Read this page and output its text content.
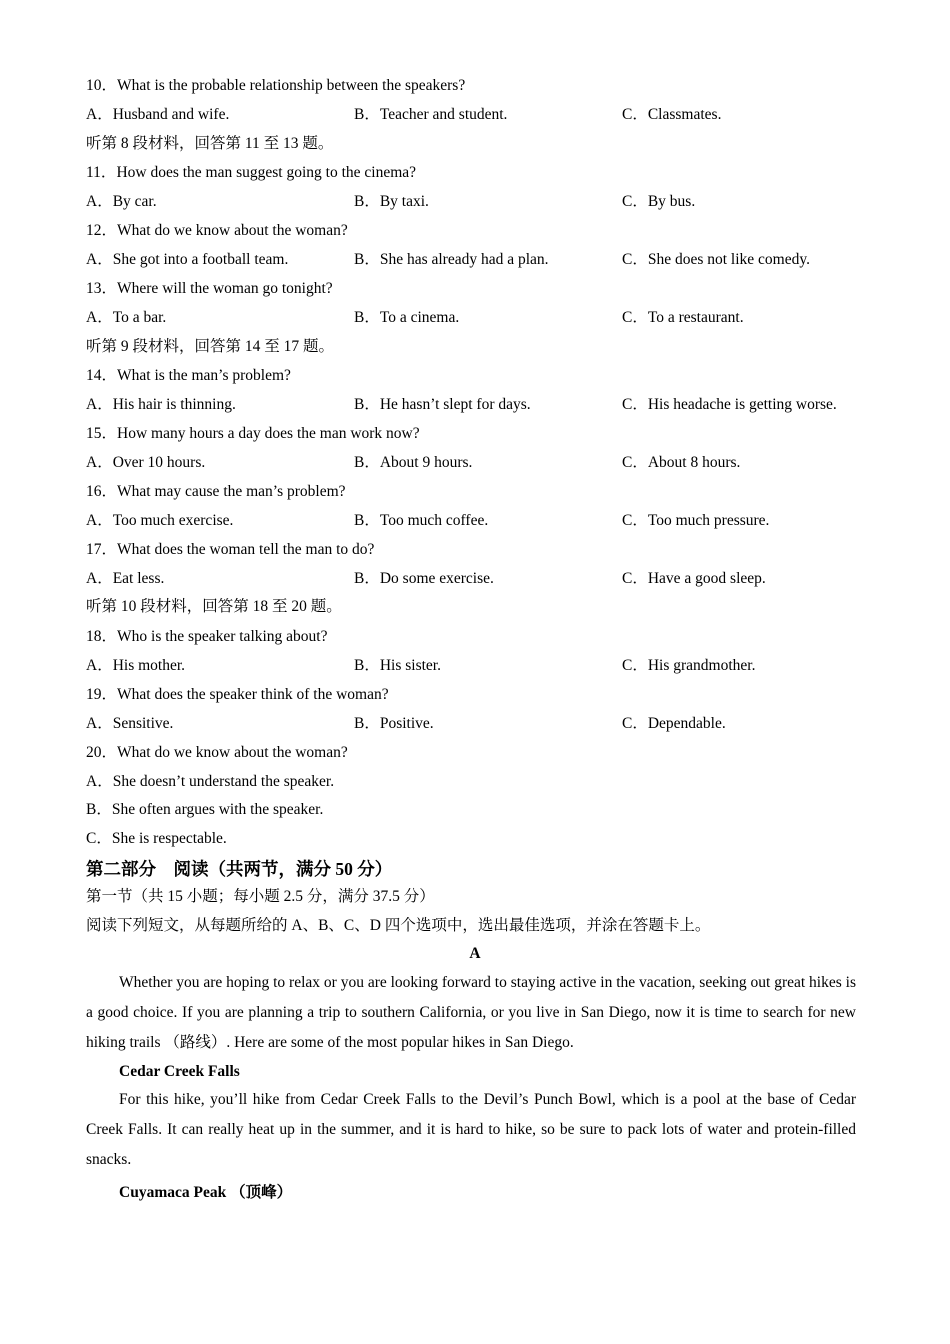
10．What is the probable relationship between the speakers?
A．Husband and wife.	B．Teacher and student.	C．Classmates.
听第 8 段材料，回答第 11 至 13 题。
11．How does the man suggest going to the cinema?
A．By car.	B．By taxi.	C．By bus.
12．What do we know about the woman?
A．She got into a football team.	B．She has already had a plan.	C．She does not like comedy.
13．Where will the woman go tonight?
A．To a bar.	B．To a cinema.	C．To a restaurant.
听第 9 段材料，回答第 14 至 17 题。
14．What is the man’s problem?
A．His hair is thinning.	B．He hasn’t slept for days.	C．His headache is getting worse.
15．How many hours a day does the man work now?
A．Over 10 hours.	B．About 9 hours.	C．About 8 hours.
16．What may cause the man’s problem?
A．Too much exercise.	B．Too much coffee.	C．Too much pressure.
17．What does the woman tell the man to do?
A．Eat less.	B．Do some exercise.	C．Have a good sleep.
听第 10 段材料，回答第 18 至 20 题。
18．Who is the speaker talking about?
A．His mother.	B．His sister.	C．His grandmother.
19．What does the speaker think of the woman?
A．Sensitive.	B．Positive.	C．Dependable.
20．What do we know about the woman?
A．She doesn’t understand the speaker.
B．She often argues with the speaker.
C．She is respectable.
第二部分　阅读（共两节，满分 50 分）
第一节（共 15 小题；每小题 2.5 分，满分 37.5 分）
阅读下列短文，从每题所给的 A、B、C、D 四个选项中，选出最佳选项，并涂在答题卡上。
A
Whether you are hoping to relax or you are looking forward to staying active in the vacation, seeking out great hikes is a good choice. If you are planning a trip to southern California, or you live in San Diego, now it is time to search for new hiking trails （路线）. Here are some of the most popular hikes in San Diego.
Cedar Creek Falls
For this hike, you’ll hike from Cedar Creek Falls to the Devil’s Punch Bowl, which is a pool at the base of Cedar Creek Falls. It can really heat up in the summer, and it is hard to hike, so be sure to pack lots of water and protein-filled snacks.
Cuyamaca Peak （顶峰）
